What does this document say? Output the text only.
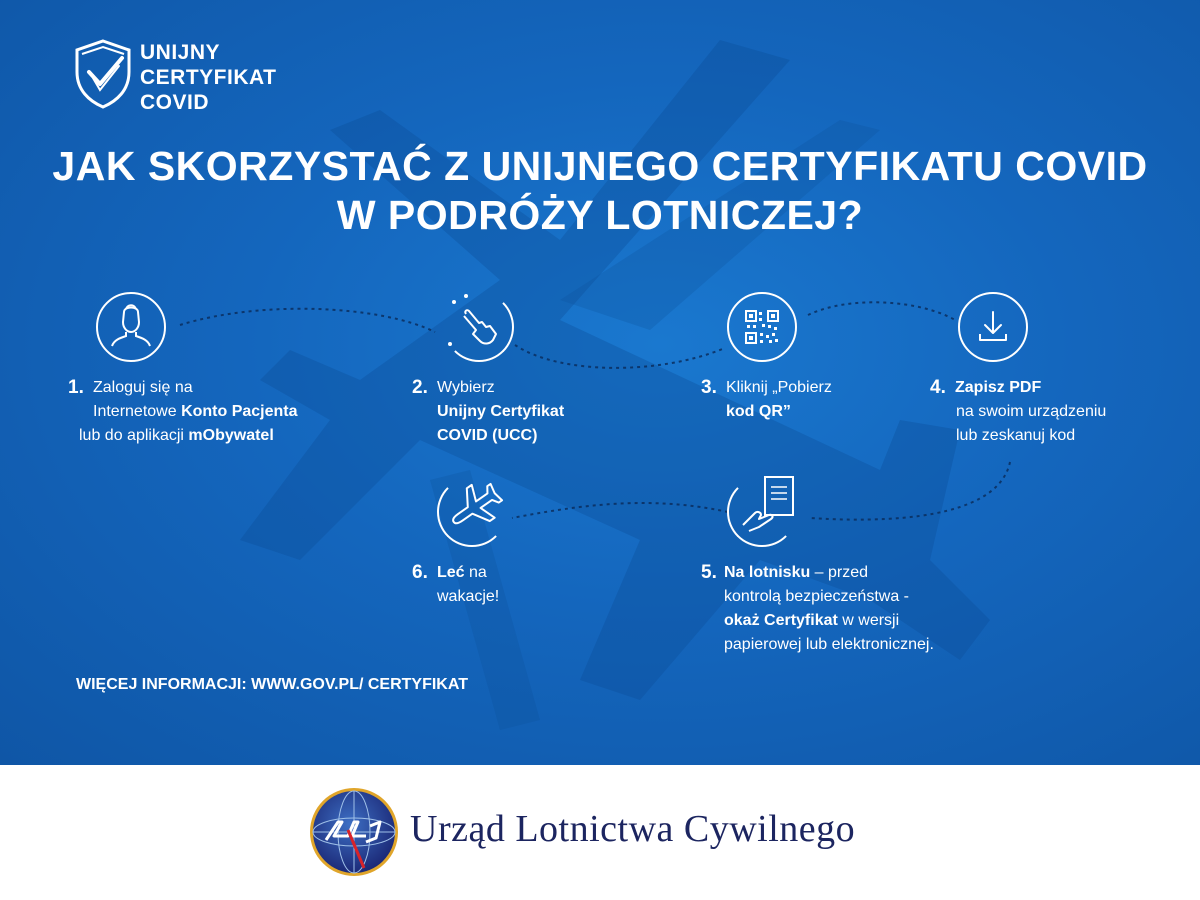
UNIJNY
CERTYFIKAT
COVID
JAK SKORZYSTAĆ Z UNIJNEGO CERTYFIKATU COVID
W PODRÓŻY LOTNICZEJ?
1. Zaloguj się na
Internetowe Konto Pacjenta
lub do aplikacji mObywatel
2. Wybierz
Unijny Certyfikat
COVID (UCC)
3. Kliknij „Pobierz
kod QR”
4. Zapisz PDF
na swoim urządzeniu
lub zeskanuj kod
5. Na lotnisku – przed
kontrolą bezpieczeństwa -
okaż Certyfikat w wersji
papierowej lub elektronicznej.
6. Leć na
wakacje!
WIĘCEJ INFORMACJI: WWW.GOV.PL/ CERTYFIKAT
Urząd Lotnictwa Cywilnego
